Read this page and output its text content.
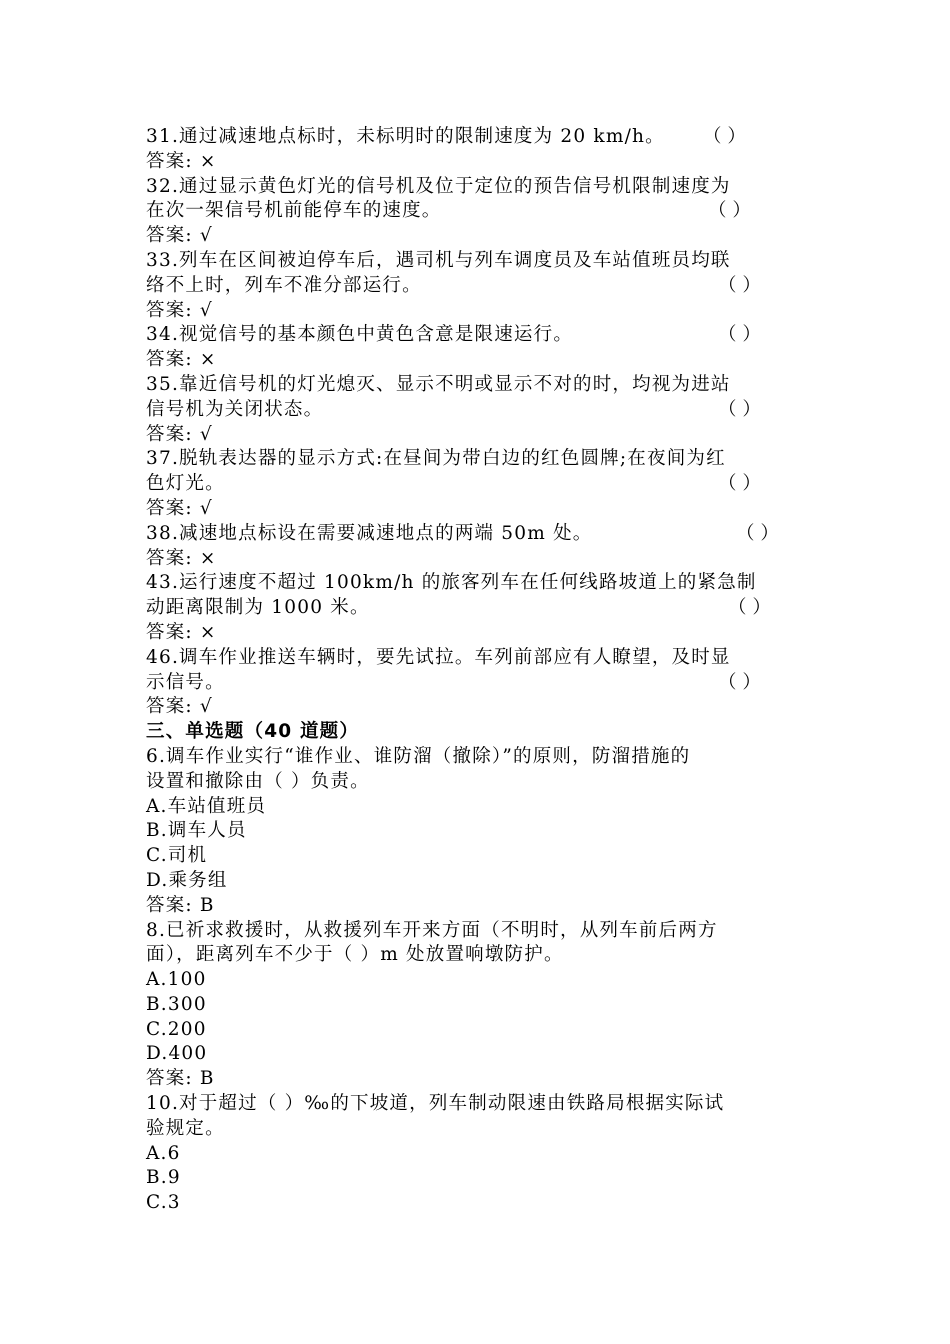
31.通过减速地点标时，未标明时的限制速度为 20 km/h。 （ ）
答案: ×
32.通过显示黄色灯光的信号机及位于定位的预告信号机限制速度为
在次一架信号机前能停车的速度。	（ ）
答案: √
33.列车在区间被迫停车后，遇司机与列车调度员及车站值班员均联
络不上时，列车不准分部运行。	（ ）
答案: √
34.视觉信号的基本颜色中黄色含意是限速运行。	（ ）
答案: ×
35.靠近信号机的灯光熄灭、显示不明或显示不对的时，均视为进站
信号机为关闭状态。	（ ）
答案: √
37.脱轨表达器的显示方式:在昼间为带白边的红色圆牌;在夜间为红
色灯光。	（ ）
答案: √
38.减速地点标设在需要减速地点的两端 50m 处。	（ ）
答案: ×
43.运行速度不超过 100km/h 的旅客列车在任何线路坡道上的紧急制
动距离限制为 1000 米。	（ ）
答案: ×
46.调车作业推送车辆时，要先试拉。车列前部应有人瞭望，及时显
示信号。	（ ）
答案: √
三、单选题（40 道题）
6.调车作业实行“谁作业、谁防溜（撤除）”的原则，防溜措施的
设置和撤除由（ ）负责。
A.车站值班员
B.调车人员
C.司机
D.乘务组
答案: B
8.已祈求救援时，从救援列车开来方面（不明时，从列车前后两方
面），距离列车不少于（ ）m 处放置响墩防护。
A.100
B.300
C.200
D.400
答案: B
10.对于超过（ ）‰的下坡道，列车制动限速由铁路局根据实际试
验规定。
A.6
B.9
C.3
